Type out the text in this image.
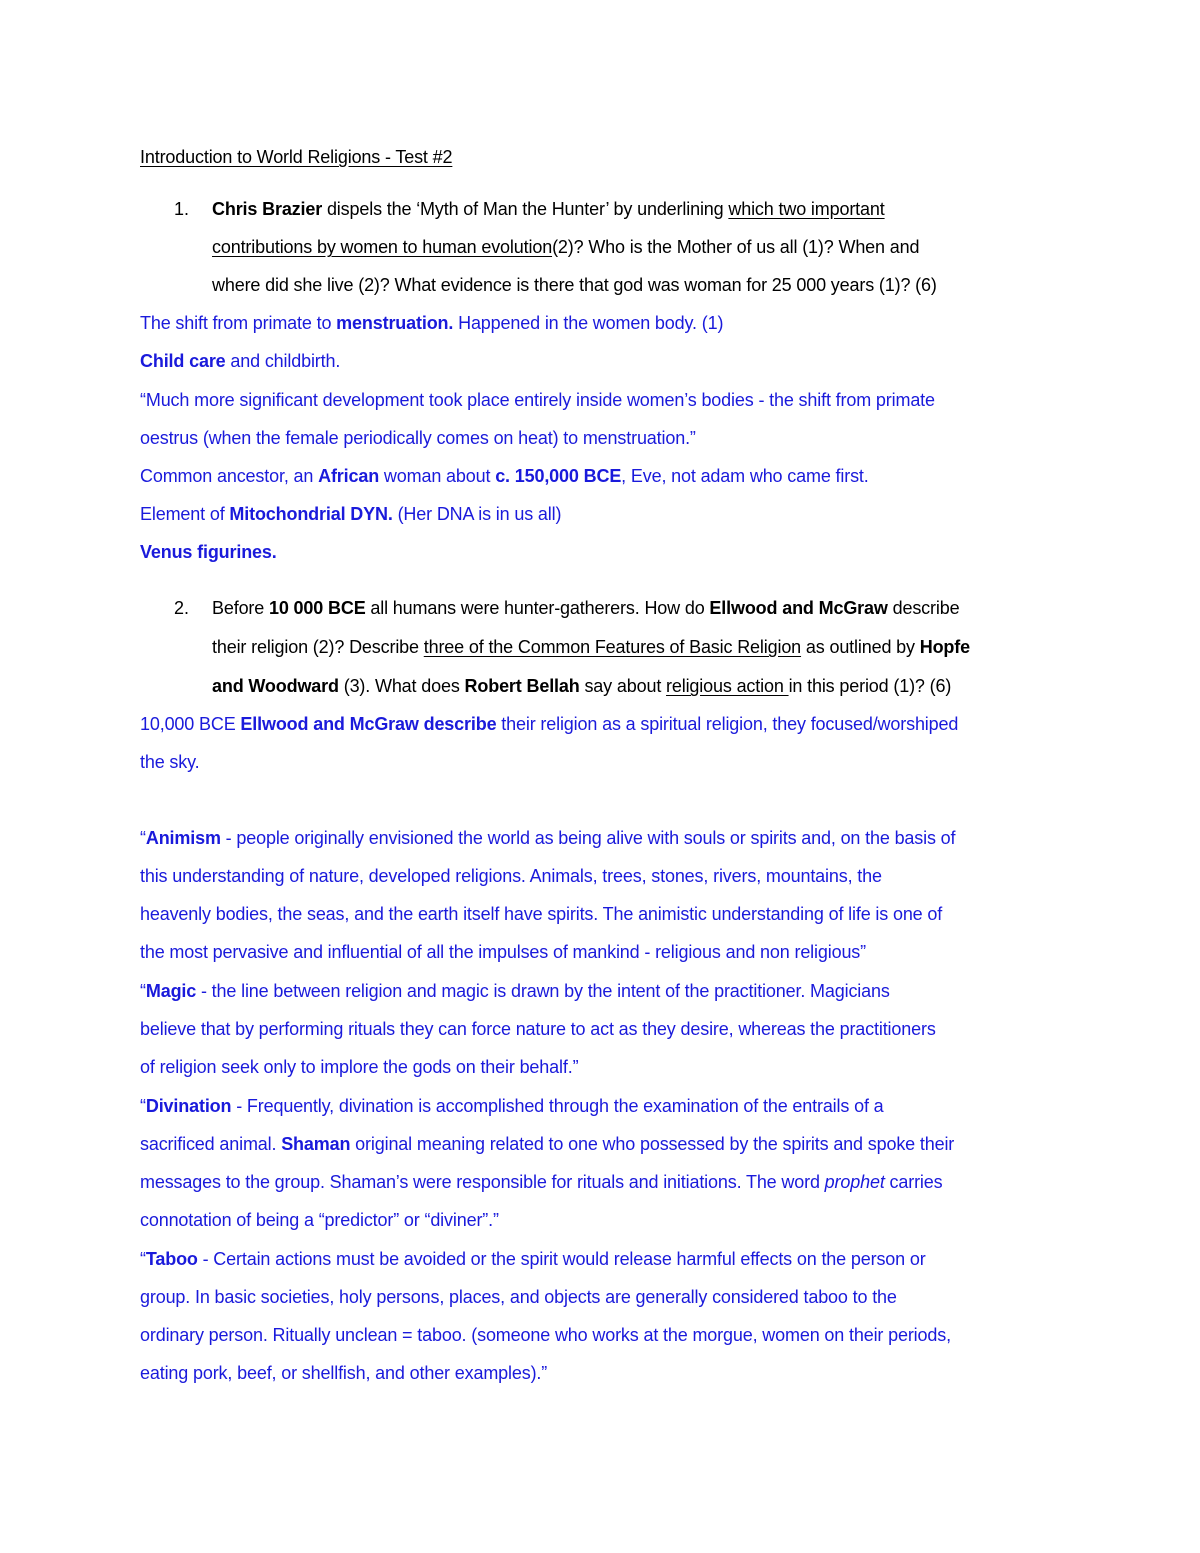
Introduction to World Religions - Test #2
1. Chris Brazier dispels the ‘Myth of Man the Hunter’ by underlining which two important
contributions by women to human evolution(2)? Who is the Mother of us all (1)? When and
where did she live (2)? What evidence is there that god was woman for 25 000 years (1)? (6)
The shift from primate to menstruation. Happened in the women body. (1)
Child care and childbirth.
“Much more significant development took place entirely inside women’s bodies - the shift from primate
oestrus (when the female periodically comes on heat) to menstruation.”
Common ancestor, an African woman about c. 150,000 BCE, Eve, not adam who came first.
Element of Mitochondrial DYN. (Her DNA is in us all)
Venus figurines.
2. Before 10 000 BCE all humans were hunter-gatherers. How do Ellwood and McGraw describe
their religion (2)? Describe three of the Common Features of Basic Religion as outlined by Hopfe
and Woodward (3). What does Robert Bellah say about religious action in this period (1)? (6)
10,000 BCE Ellwood and McGraw describe their religion as a spiritual religion, they focused/worshiped
the sky.
“Animism - people originally envisioned the world as being alive with souls or spirits and, on the basis of
this understanding of nature, developed religions. Animals, trees, stones, rivers, mountains, the
heavenly bodies, the seas, and the earth itself have spirits. The animistic understanding of life is one of
the most pervasive and influential of all the impulses of mankind - religious and non religious”
“Magic - the line between religion and magic is drawn by the intent of the practitioner. Magicians
believe that by performing rituals they can force nature to act as they desire, whereas the practitioners
of religion seek only to implore the gods on their behalf.”
“Divination - Frequently, divination is accomplished through the examination of the entrails of a
sacrificed animal. Shaman original meaning related to one who possessed by the spirits and spoke their
messages to the group. Shaman’s were responsible for rituals and initiations. The word prophet carries
connotation of being a “predictor” or “diviner”.”
“Taboo - Certain actions must be avoided or the spirit would release harmful effects on the person or
group. In basic societies, holy persons, places, and objects are generally considered taboo to the
ordinary person. Ritually unclean = taboo. (someone who works at the morgue, women on their periods,
eating pork, beef, or shellfish, and other examples).”
